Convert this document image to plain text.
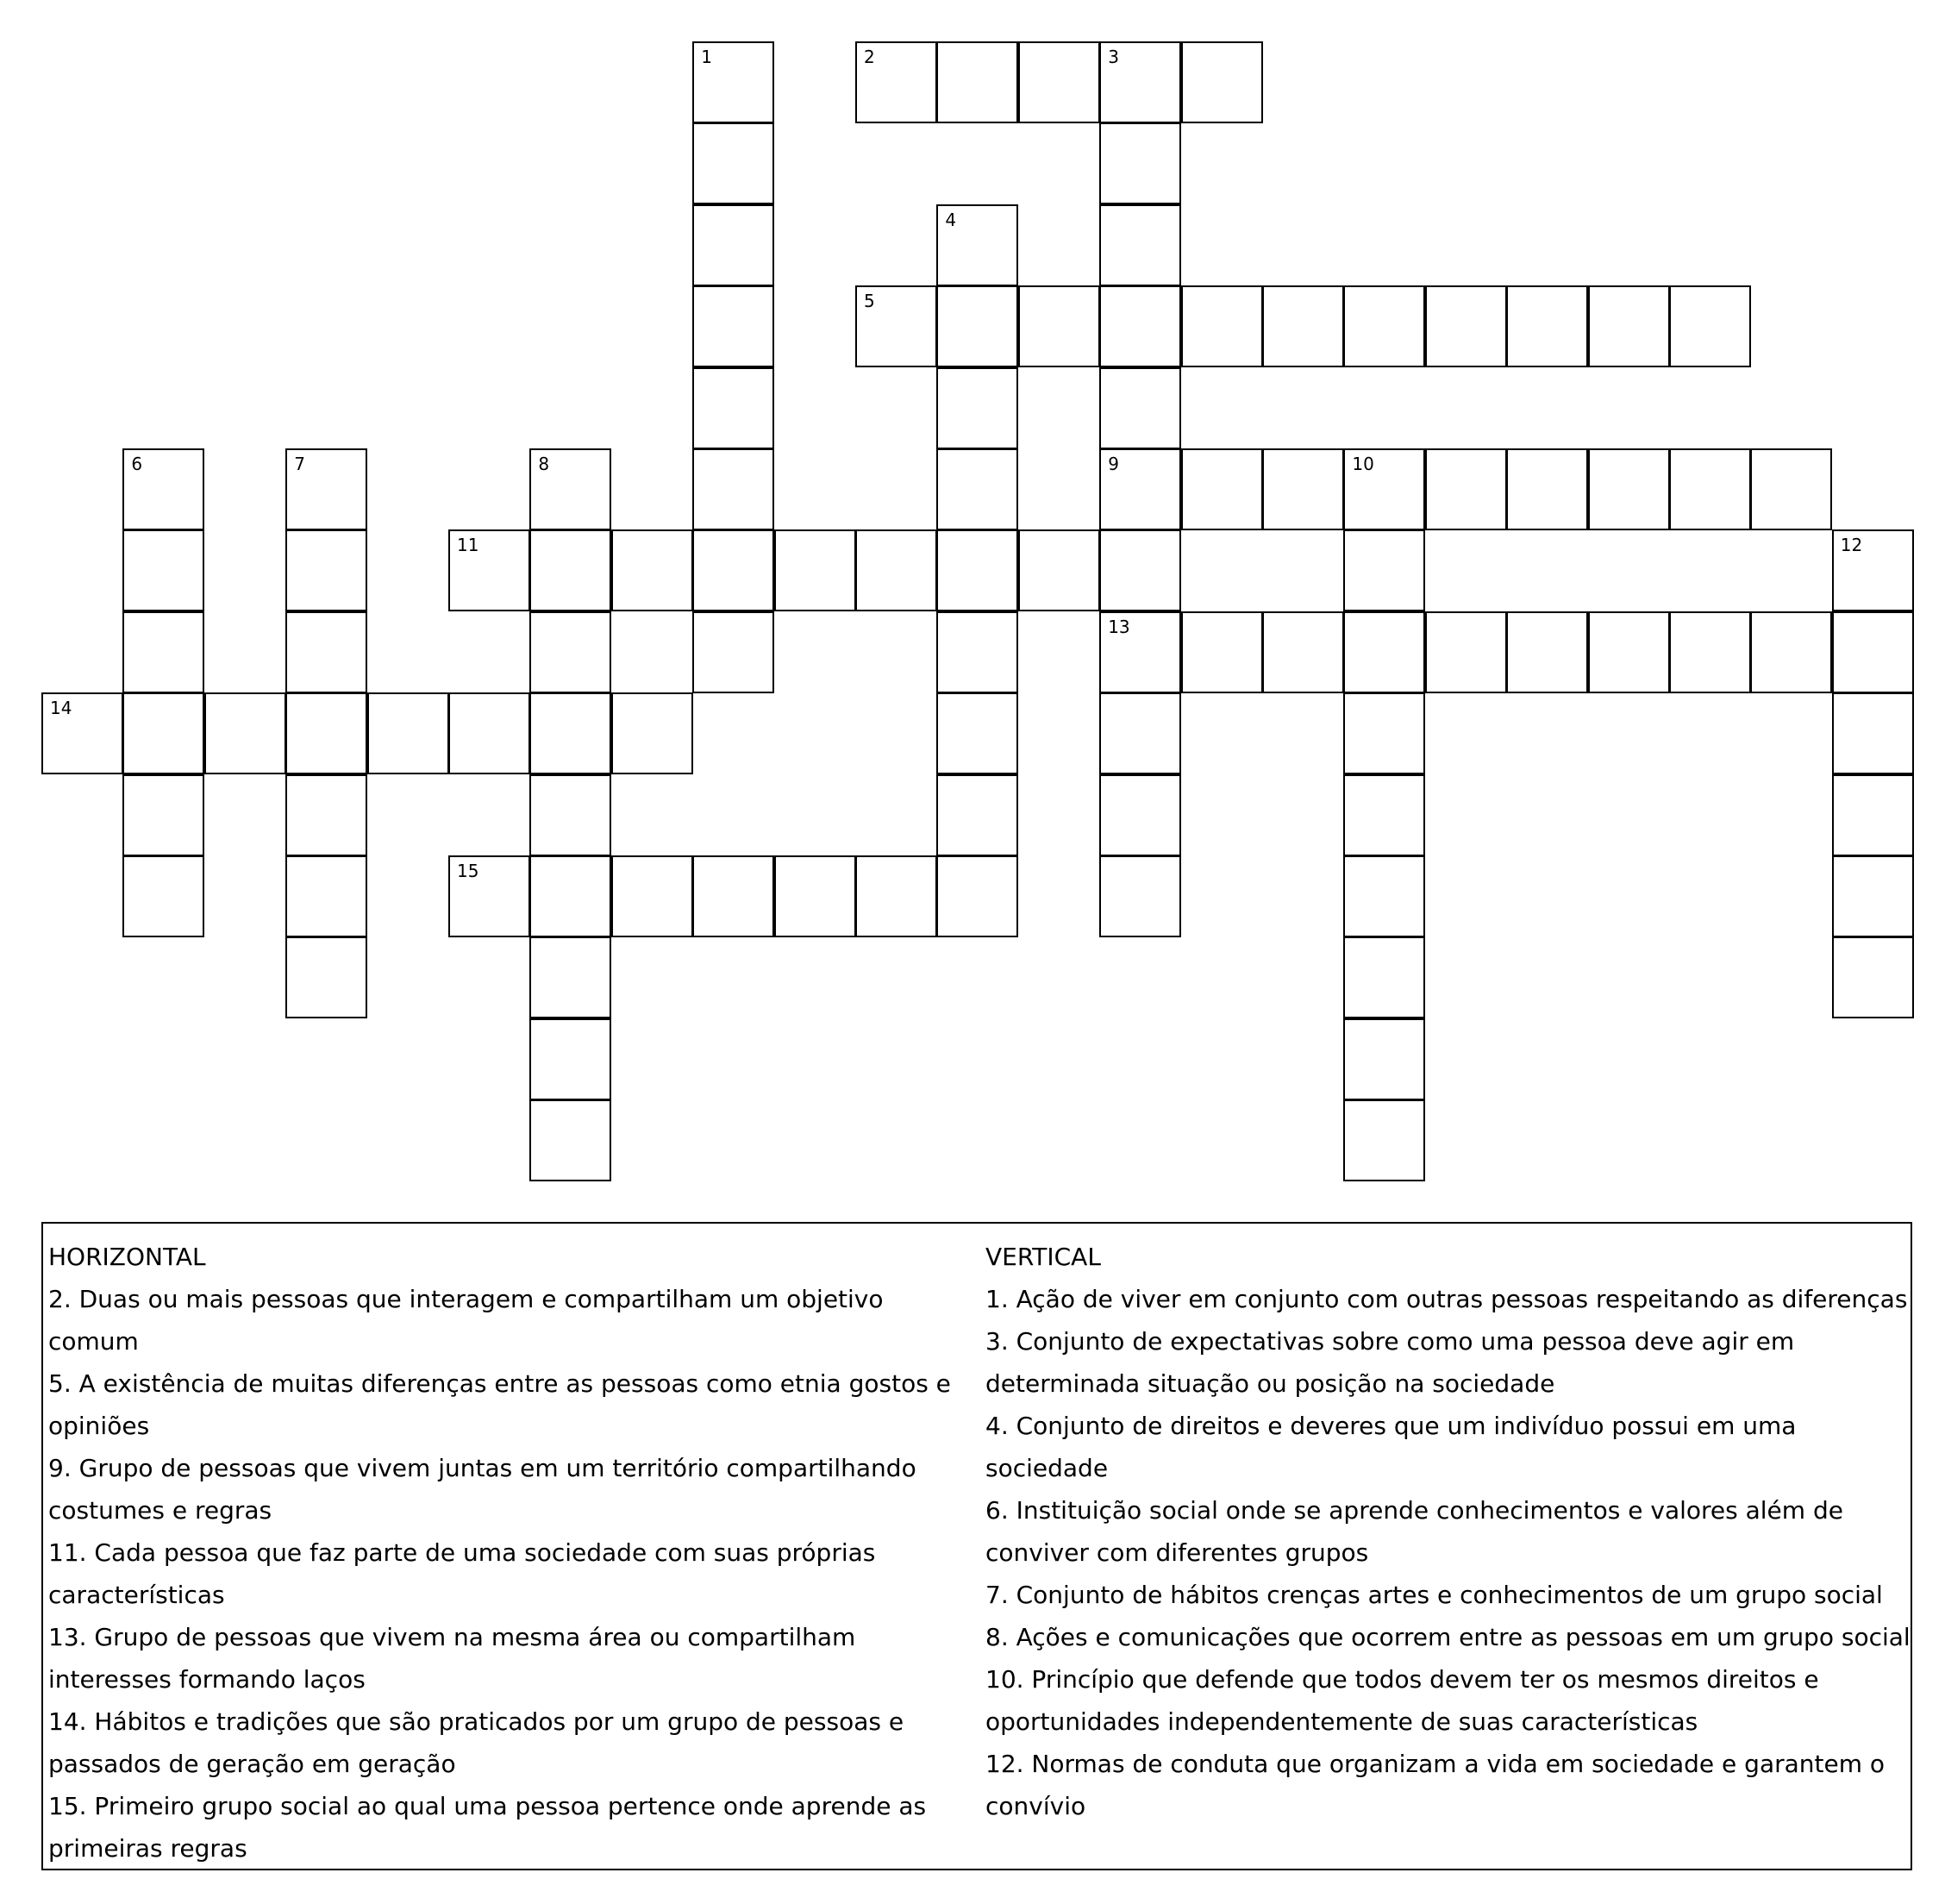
1	2	3
4
5
6	7	8	9	10
11	12
13
14
15
HORIZONTAL
2. Duas ou mais pessoas que interagem e compartilham um objetivo comum
5. A existência de muitas diferenças entre as pessoas como etnia gostos e opiniões
9. Grupo de pessoas que vivem juntas em um território compartilhando costumes e regras
11. Cada pessoa que faz parte de uma sociedade com suas próprias características
13. Grupo de pessoas que vivem na mesma área ou compartilham interesses formando laços
14. Hábitos e tradições que são praticados por um grupo de pessoas e passados de geração em geração
15. Primeiro grupo social ao qual uma pessoa pertence onde aprende as primeiras regras
VERTICAL
1. Ação de viver em conjunto com outras pessoas respeitando as diferenças
3. Conjunto de expectativas sobre como uma pessoa deve agir em determinada situação ou posição na sociedade
4. Conjunto de direitos e deveres que um indivíduo possui em uma sociedade
6. Instituição social onde se aprende conhecimentos e valores além de conviver com diferentes grupos
7. Conjunto de hábitos crenças artes e conhecimentos de um grupo social
8. Ações e comunicações que ocorrem entre as pessoas em um grupo social
10. Princípio que defende que todos devem ter os mesmos direitos e oportunidades independentemente de suas características
12. Normas de conduta que organizam a vida em sociedade e garantem o convívio
